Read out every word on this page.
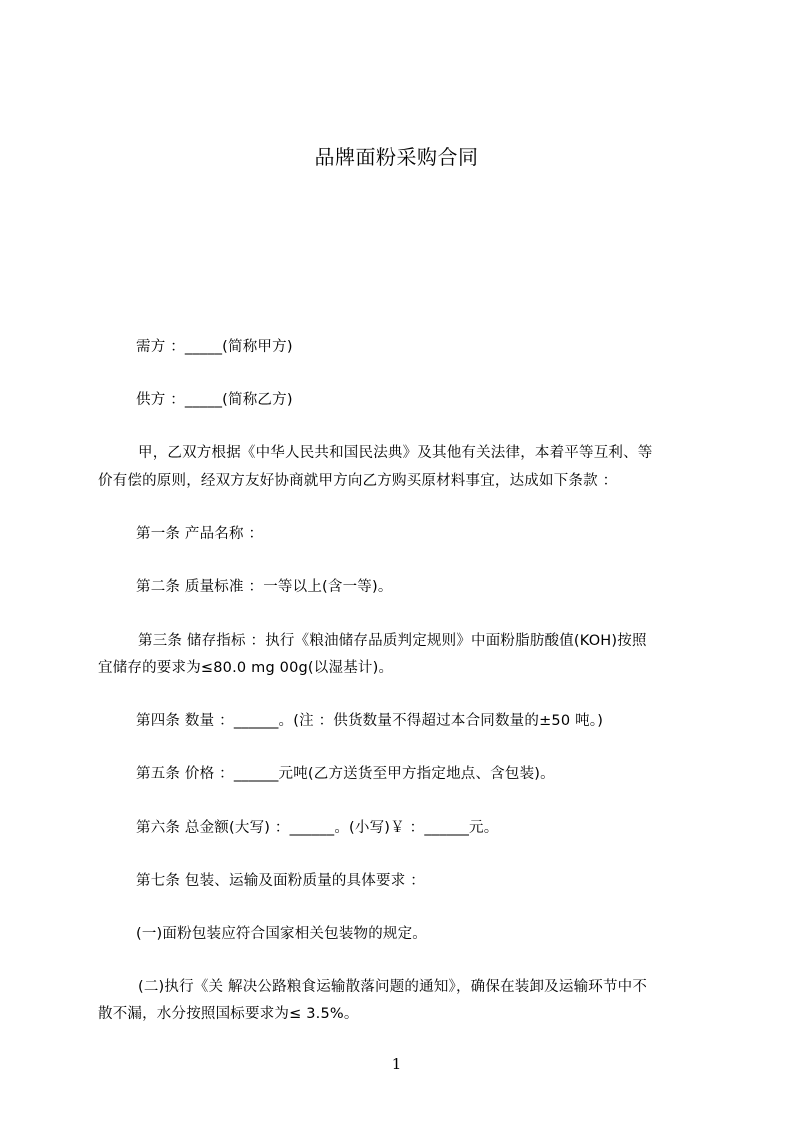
品牌面粉采购合同
需方 ：_____(简称甲方)
供方 ：_____(简称乙方)
甲，乙双方根据《中华人民共和国民法典》及其他有关法律，本着平等互利、等
价有偿的原则，经双方友好协商就甲方向乙方购买原材料事宜，达成如下条款 ：
第一条 产品名称 ：
第二条 质量标准 ：一等以上(含一等)。
第三条 储存指标 ：执行《粮油储存品质判定规则》中面粉脂肪酸值(KOH)按照
宜储存的要求为≤80.0 mg 00g(以湿基计)。
第四条 数量 ：______。(注 ：供货数量不得超过本合同数量的±50 吨。)
第五条 价格 ：______元吨(乙方送货至甲方指定地点、含包装)。
第六条 总金额(大写) ：______。(小写)￥ ：______元。
第七条 包装、运输及面粉质量的具体要求 ：
(一)面粉包装应符合国家相关包装物的规定。
(二)执行《关 解决公路粮食运输散落问题的通知》，确保在装卸及运输环节中不
散不漏，水分按照国标要求为≤ 3.5%。
1
